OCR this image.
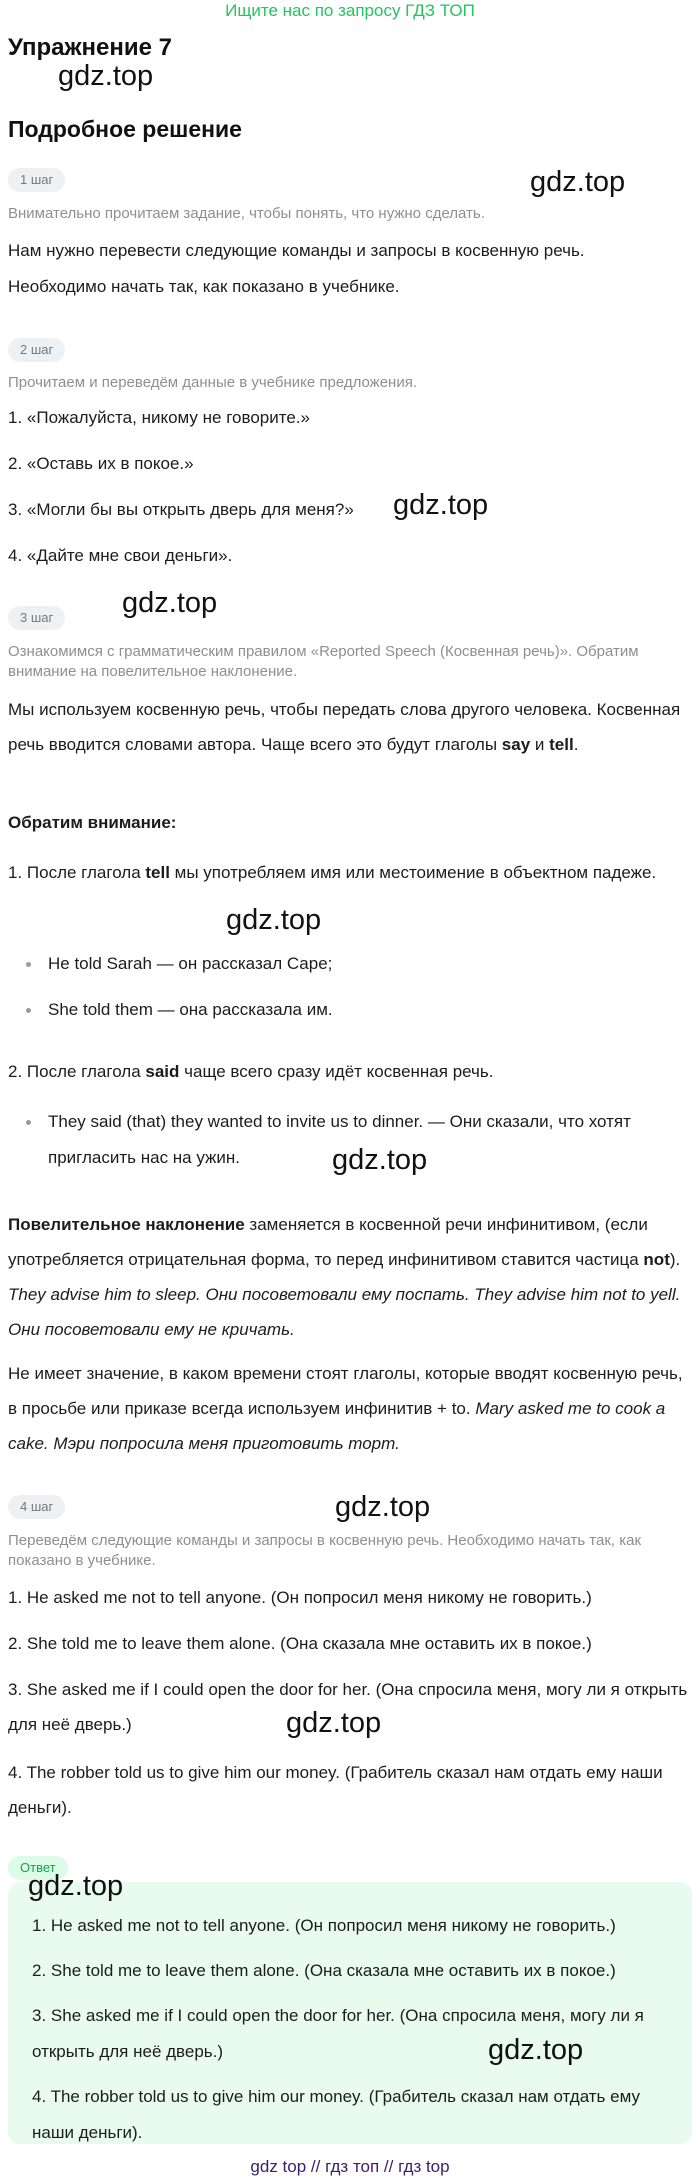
Ищите нас по запросу ГДЗ ТОП
Упражнение 7
gdz.top
Подробное решение
1 шаг	gdz.top
Внимательно прочитаем задание, чтобы понять, что нужно сделать.
Нам нужно перевести следующие команды и запросы в косвенную речь.
Необходимо начать так, как показано в учебнике.
2 шаг
Прочитаем и переведём данные в учебнике предложения.
1. «Пожалуйста, никому не говорите.»
2. «Оставь их в покое.»
3. «Могли бы вы открыть дверь для меня?»	gdz.top
4. «Дайте мне свои деньги».
3 шаг	gdz.top
Ознакомимся с грамматическим правилом «Reported Speech (Косвенная речь)». Обратим внимание на повелительное наклонение.
Мы используем косвенную речь, чтобы передать слова другого человека. Косвенная речь вводится словами автора. Чаще всего это будут глаголы say и tell.
Обратим внимание:
1. После глагола tell мы употребляем имя или местоимение в объектном падеже.
gdz.top
He told Sarah — он рассказал Саре;
She told them — она рассказала им.
2. После глагола said чаще всего сразу идёт косвенная речь.
They said (that) they wanted to invite us to dinner. — Они сказали, что хотят пригласить нас на ужин.	gdz.top
Повелительное наклонение заменяется в косвенной речи инфинитивом, (если употребляется отрицательная форма, то перед инфинитивом ставится частица not). They advise him to sleep. Они посоветовали ему поспать. They advise him not to yell. Они посоветовали ему не кричать.
Не имеет значение, в каком времени стоят глаголы, которые вводят косвенную речь, в просьбе или приказе всегда используем инфинитив + to. Mary asked me to cook a cake. Мэри попросила меня приготовить торт.
4 шаг	gdz.top
Переведём следующие команды и запросы в косвенную речь. Необходимо начать так, как показано в учебнике.
1. He asked me not to tell anyone. (Он попросил меня никому не говорить.)
2. She told me to leave them alone. (Она сказала мне оставить их в покое.)
3. She asked me if I could open the door for her. (Она спросила меня, могу ли я открыть для неё дверь.)	gdz.top
4. The robber told us to give him our money. (Грабитель сказал нам отдать ему наши деньги).
Ответ
gdz.top
1. He asked me not to tell anyone. (Он попросил меня никому не говорить.)
2. She told me to leave them alone. (Она сказала мне оставить их в покое.)
3. She asked me if I could open the door for her. (Она спросила меня, могу ли я открыть для неё дверь.)	gdz.top
4. The robber told us to give him our money. (Грабитель сказал нам отдать ему наши деньги).
gdz top // гдз топ // гдз top
